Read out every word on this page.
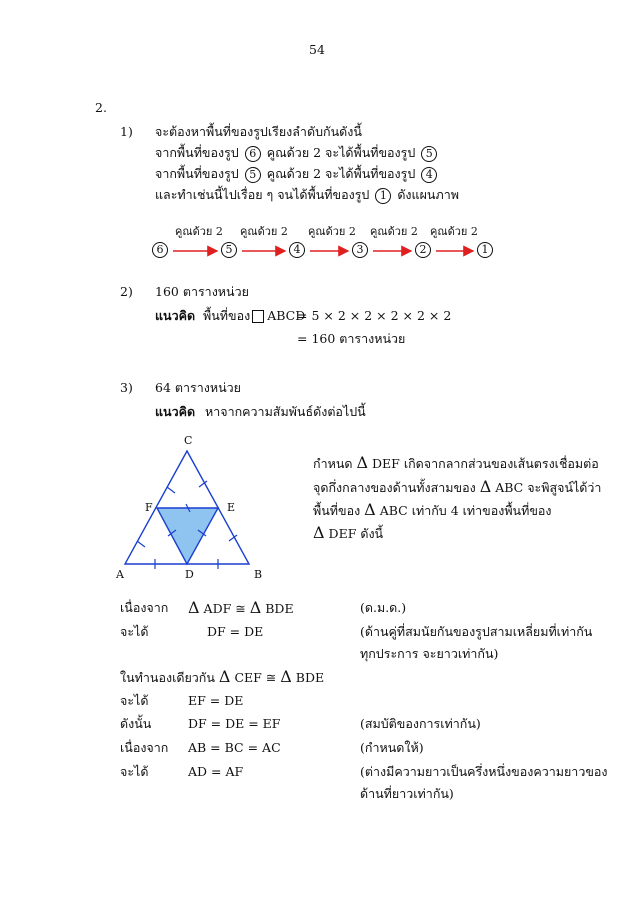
54
2.
1) จะต้องหาพื้นที่ของรูปเรียงลำดับกันดังนี้
จากพื้นที่ของรูป 6 คูณด้วย 2 จะได้พื้นที่ของรูป 5
จากพื้นที่ของรูป 5 คูณด้วย 2 จะได้พื้นที่ของรูป 4
และทำเช่นนี้ไปเรื่อย ๆ จนได้พื้นที่ของรูป 1 ดังแผนภาพ
คูณด้วย 2 คูณด้วย 2 คูณด้วย 2 คูณด้วย 2 คูณด้วย 2
6	5	4	3	2	1
2) 160 ตารางหน่วย
แนวคิด พื้นที่ของ ABCD
= 5 × 2 × 2 × 2 × 2 × 2
= 160 ตารางหน่วย
3) 64 ตารางหน่วย
แนวคิด หาจากความสัมพันธ์ดังต่อไปนี้
C
F	E
A	D	B
กำหนด Δ DEF เกิดจากลากส่วนของเส้นตรงเชื่อมต่อ
จุดกึ่งกลางของด้านทั้งสามของ Δ ABC จะพิสูจน์ได้ว่า
พื้นที่ของ Δ ABC เท่ากับ 4 เท่าของพื้นที่ของ
Δ DEF ดังนี้
เนื่องจาก Δ ADF ≅ Δ BDE	(ด.ม.ด.)
จะได้	DF = DE	(ด้านคู่ที่สมนัยกันของรูปสามเหลี่ยมที่เท่ากัน
ทุกประการ จะยาวเท่ากัน)
ในทำนองเดียวกัน Δ CEF ≅ Δ BDE
จะได้	EF = DE
ดังนั้น	DF = DE = EF	(สมบัติของการเท่ากัน)
เนื่องจาก AB = BC = AC	(กำหนดให้)
จะได้	AD = AF	(ต่างมีความยาวเป็นครึ่งหนึ่งของความยาวของ
ด้านที่ยาวเท่ากัน)
